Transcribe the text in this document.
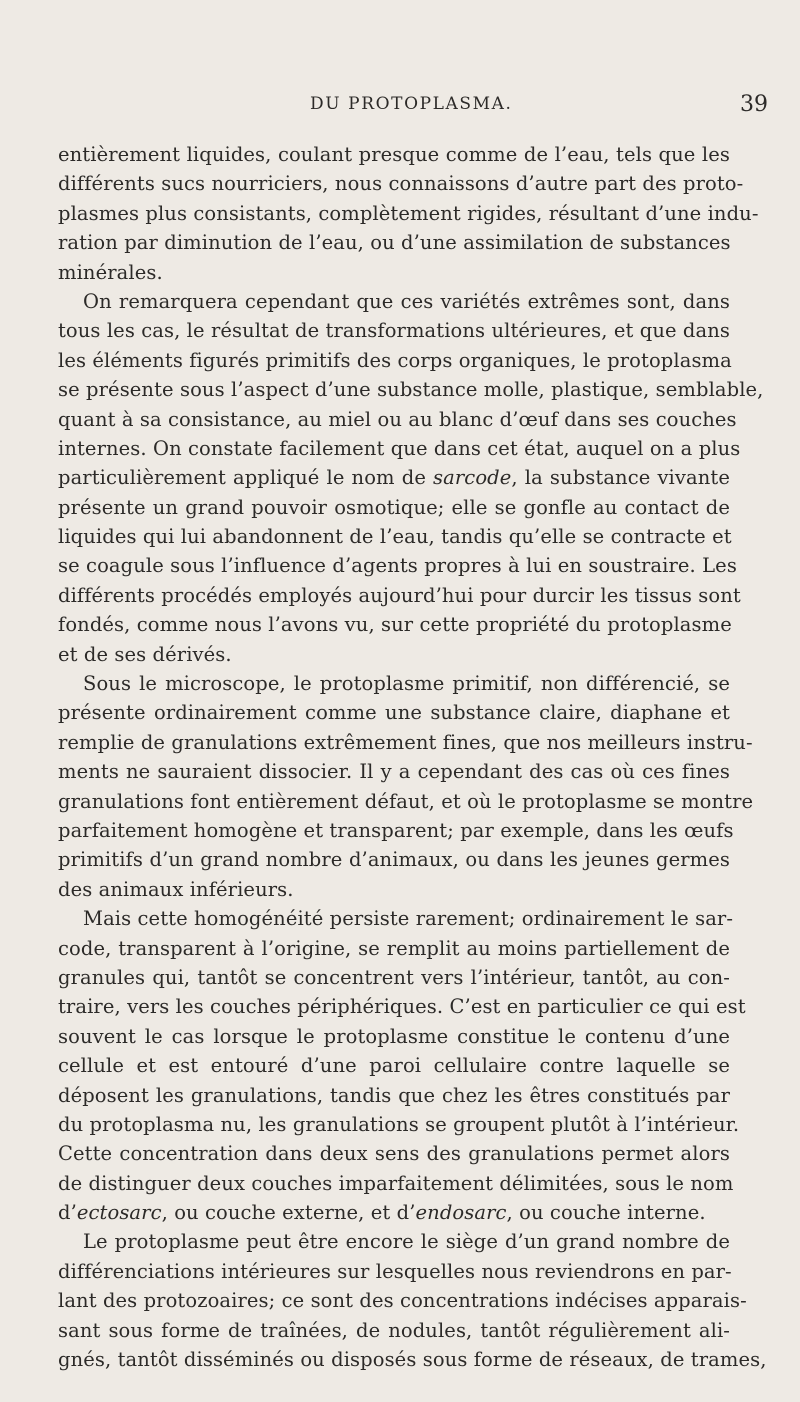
DU PROTOPLASMA.	39
entièrement liquides, coulant presque comme de l’eau, tels que les
différents sucs nourriciers, nous connaissons d’autre part des proto-
plasmes plus consistants, complètement rigides, résultant d’une indu-
ration par diminution de l’eau, ou d’une assimilation de substances
minérales.
On remarquera cependant que ces variétés extrêmes sont, dans
tous les cas, le résultat de transformations ultérieures, et que dans
les éléments figurés primitifs des corps organiques, le protoplasma
se présente sous l’aspect d’une substance molle, plastique, semblable,
quant à sa consistance, au miel ou au blanc d’œuf dans ses couches
internes. On constate facilement que dans cet état, auquel on a plus
particulièrement appliqué le nom de sarcode, la substance vivante
présente un grand pouvoir osmotique; elle se gonfle au contact de
liquides qui lui abandonnent de l’eau, tandis qu’elle se contracte et
se coagule sous l’influence d’agents propres à lui en soustraire. Les
différents procédés employés aujourd’hui pour durcir les tissus sont
fondés, comme nous l’avons vu, sur cette propriété du protoplasme
et de ses dérivés.
Sous le microscope, le protoplasme primitif, non différencié, se
présente ordinairement comme une substance claire, diaphane et
remplie de granulations extrêmement fines, que nos meilleurs instru-
ments ne sauraient dissocier. Il y a cependant des cas où ces fines
granulations font entièrement défaut, et où le protoplasme se montre
parfaitement homogène et transparent; par exemple, dans les œufs
primitifs d’un grand nombre d’animaux, ou dans les jeunes germes
des animaux inférieurs.
Mais cette homogénéité persiste rarement; ordinairement le sar-
code, transparent à l’origine, se remplit au moins partiellement de
granules qui, tantôt se concentrent vers l’intérieur, tantôt, au con-
traire, vers les couches périphériques. C’est en particulier ce qui est
souvent le cas lorsque le protoplasme constitue le contenu d’une
cellule et est entouré d’une paroi cellulaire contre laquelle se
déposent les granulations, tandis que chez les êtres constitués par
du protoplasma nu, les granulations se groupent plutôt à l’intérieur.
Cette concentration dans deux sens des granulations permet alors
de distinguer deux couches imparfaitement délimitées, sous le nom
d’ectosarc, ou couche externe, et d’endosarc, ou couche interne.
Le protoplasme peut être encore le siège d’un grand nombre de
différenciations intérieures sur lesquelles nous reviendrons en par-
lant des protozoaires; ce sont des concentrations indécises apparais-
sant sous forme de traînées, de nodules, tantôt régulièrement ali-
gnés, tantôt disséminés ou disposés sous forme de réseaux, de trames,
